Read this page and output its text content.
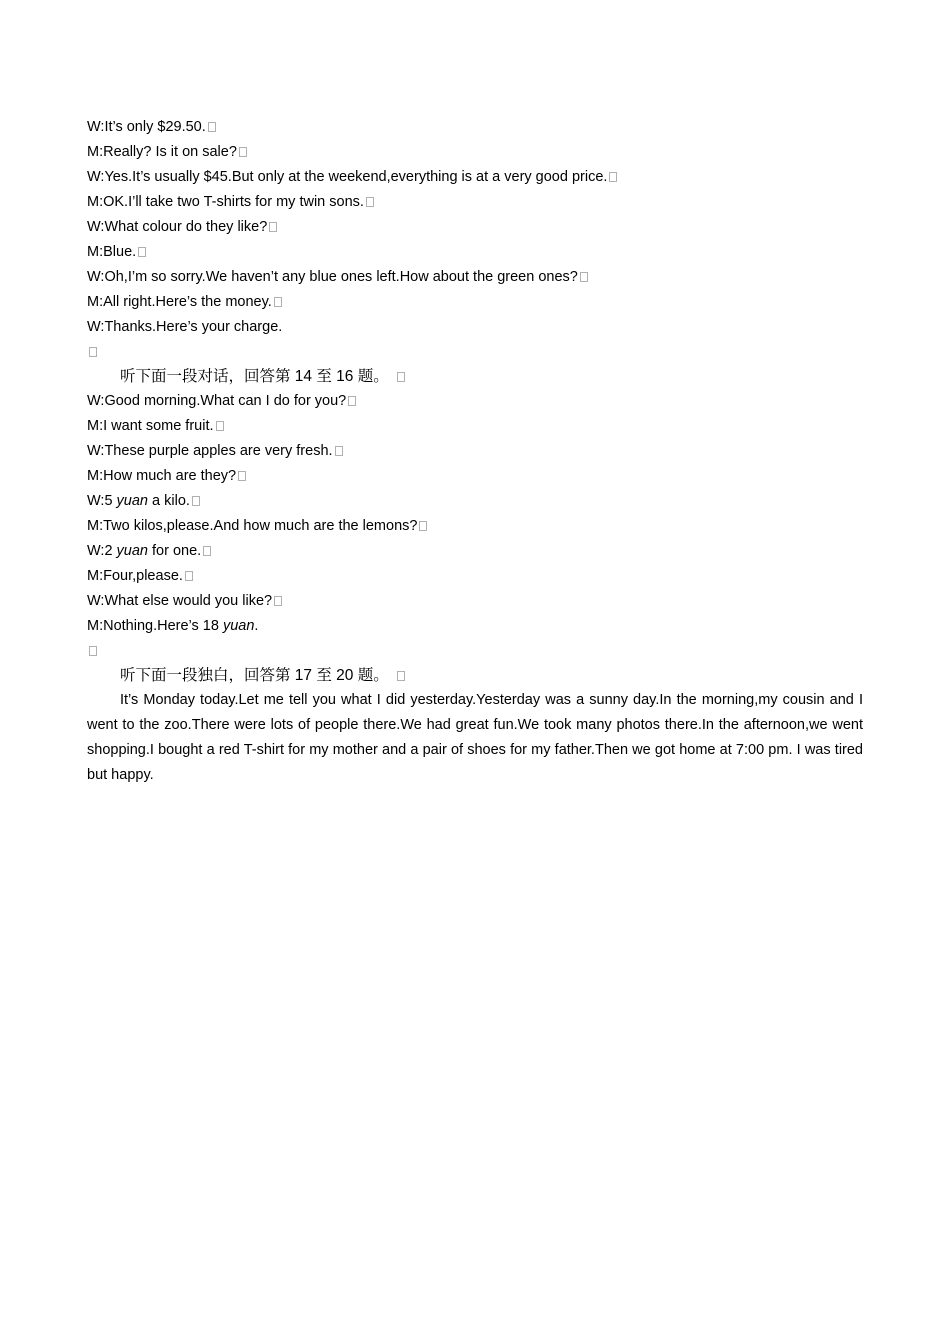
W:It’s only $29.50.
M:Really? Is it on sale?
W:Yes.It’s usually $45.But only at the weekend,everything is at a very good price.
M:OK.I’ll take two T-shirts for my twin sons.
W:What colour do they like?
M:Blue.
W:Oh,I’m so sorry.We haven’t any blue ones left.How about the green ones?
M:All right.Here’s the money.
W:Thanks.Here’s your charge.
听下面一段对话，回答第 14 至 16 题。
W:Good morning.What can I do for you?
M:I want some fruit.
W:These purple apples are very fresh.
M:How much are they?
W:5 yuan a kilo.
M:Two kilos,please.And how much are the lemons?
W:2 yuan for one.
M:Four,please.
W:What else would you like?
M:Nothing.Here’s 18 yuan.
听下面一段独白，回答第 17 至 20 题。
It’s Monday today.Let me tell you what I did yesterday.Yesterday was a sunny day.In the morning,my cousin and I went to the zoo.There were lots of people there.We had great fun.We took many photos there.In the afternoon,we went shopping.I bought a red T-shirt for my mother and a pair of shoes for my father.Then we got home at 7:00 pm. I was tired but happy.
